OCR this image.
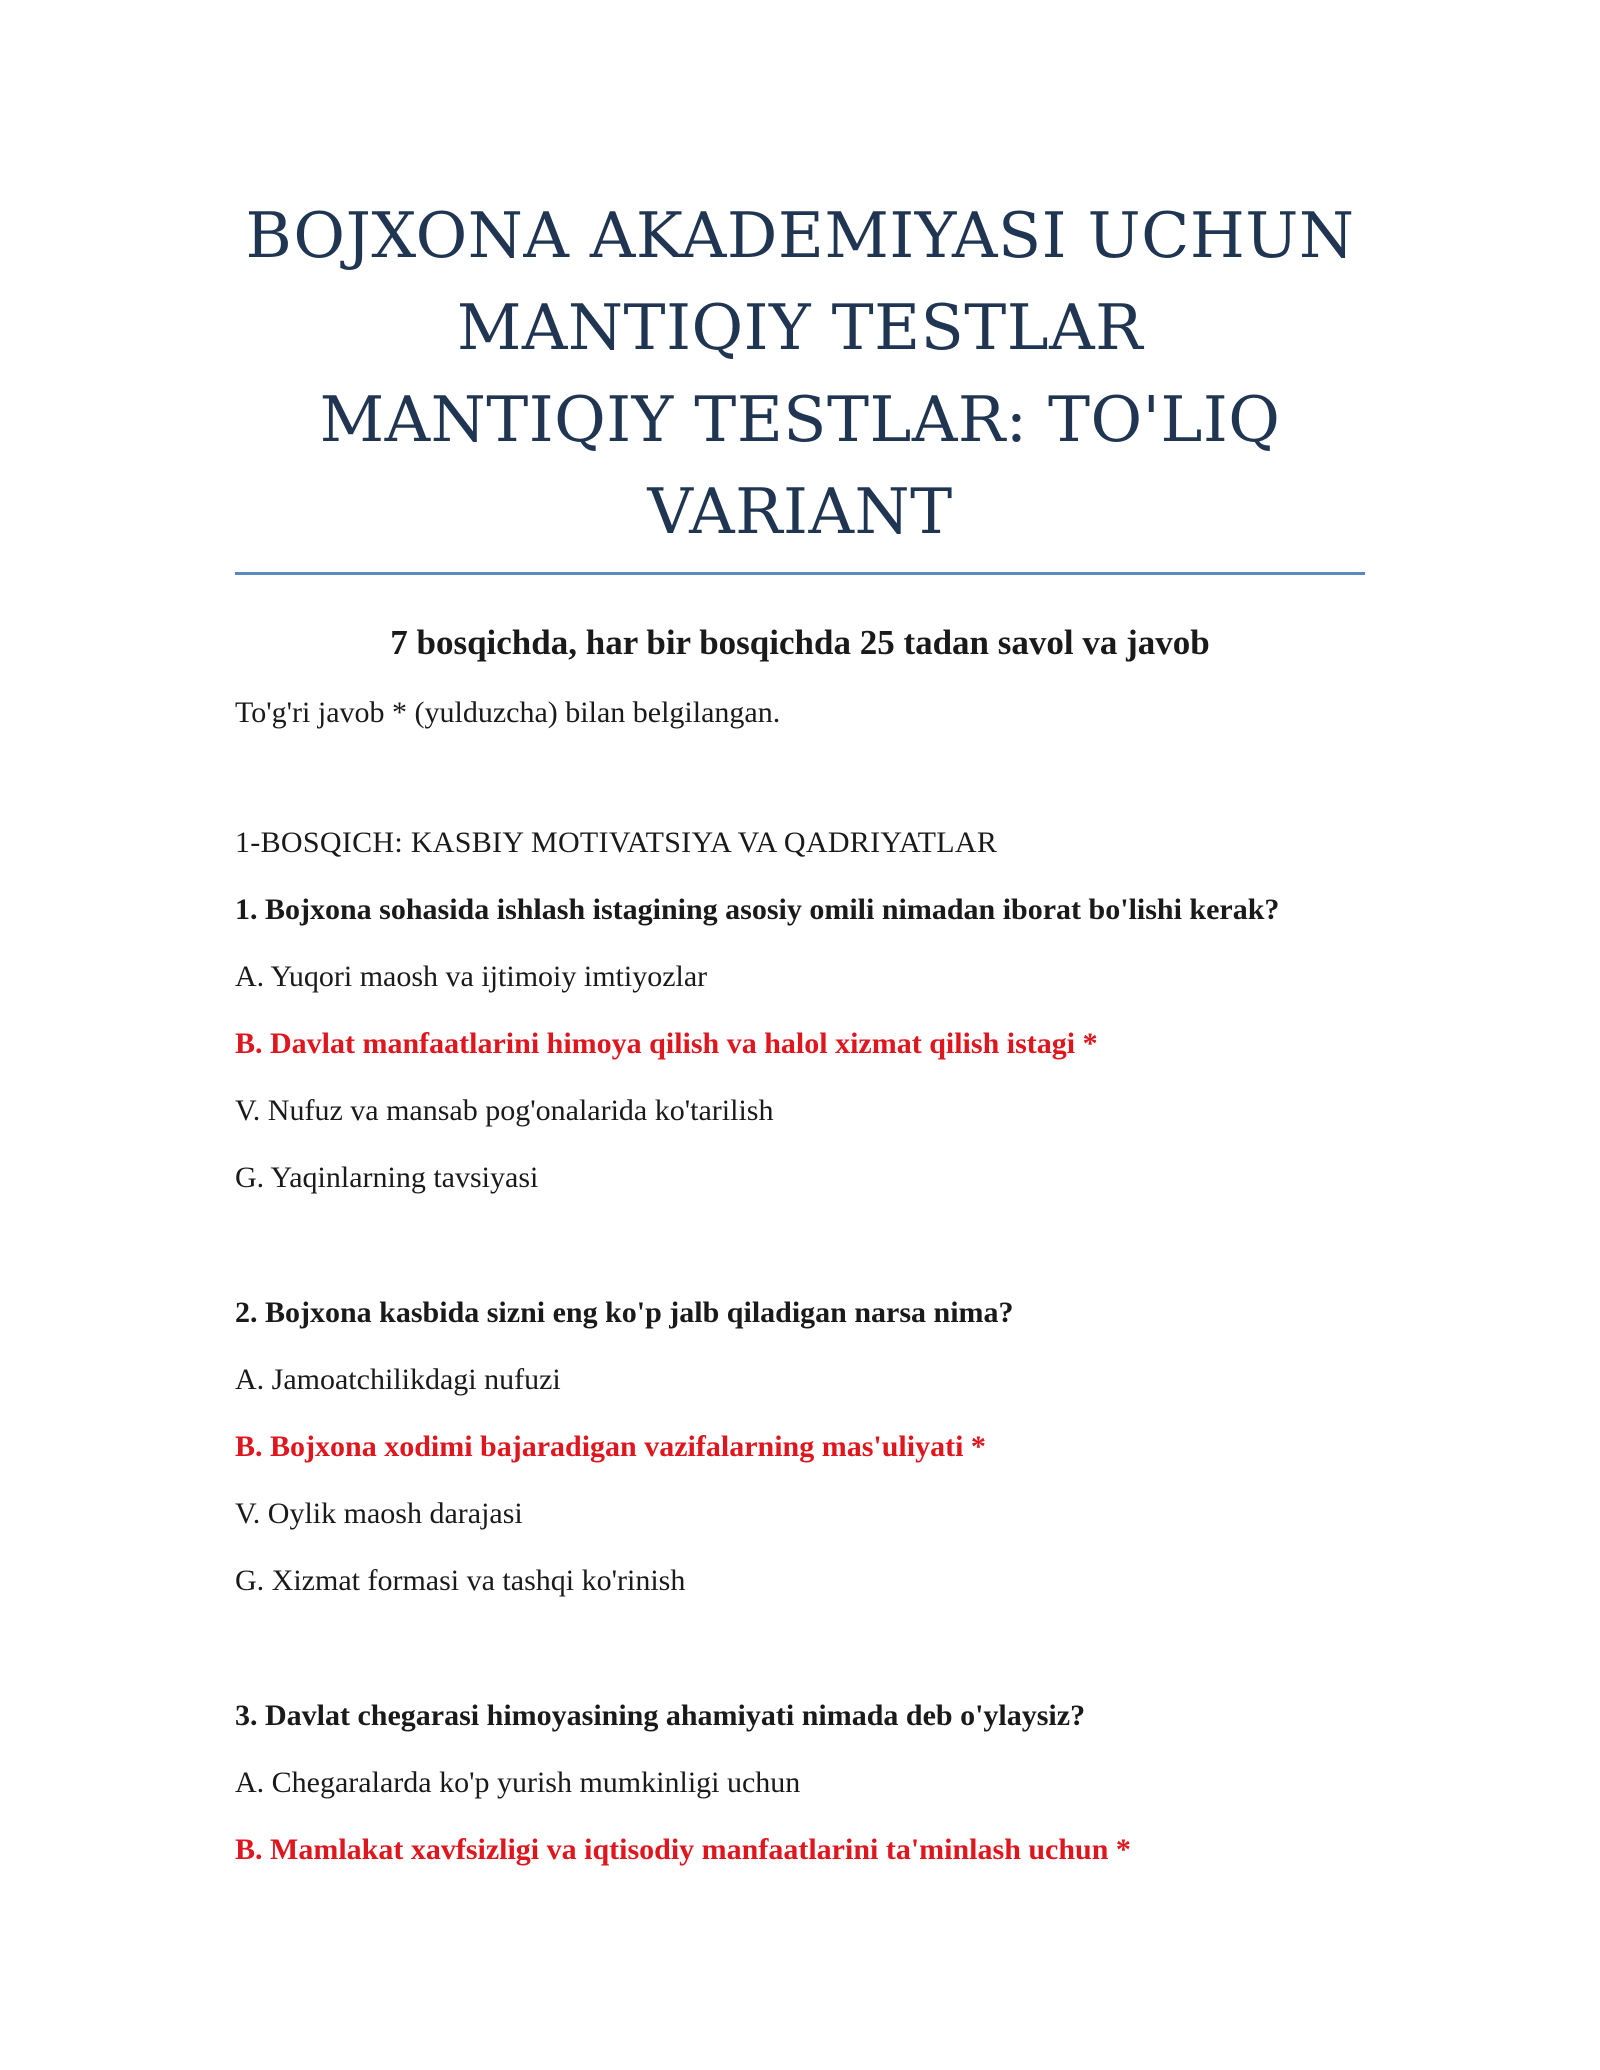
BOJXONA AKADEMIYASI UCHUN
MANTIQIY TESTLAR
MANTIQIY TESTLAR: TO'LIQ
VARIANT
7 bosqichda, har bir bosqichda 25 tadan savol va javob
To'g'ri javob * (yulduzcha) bilan belgilangan.
1-BOSQICH: KASBIY MOTIVATSIYA VA QADRIYATLAR
1. Bojxona sohasida ishlash istagining asosiy omili nimadan iborat bo'lishi kerak?
A. Yuqori maosh va ijtimoiy imtiyozlar
B. Davlat manfaatlarini himoya qilish va halol xizmat qilish istagi *
V. Nufuz va mansab pog'onalarida ko'tarilish
G. Yaqinlarning tavsiyasi
2. Bojxona kasbida sizni eng ko'p jalb qiladigan narsa nima?
A. Jamoatchilikdagi nufuzi
B. Bojxona xodimi bajaradigan vazifalarning mas'uliyati *
V. Oylik maosh darajasi
G. Xizmat formasi va tashqi ko'rinish
3. Davlat chegarasi himoyasining ahamiyati nimada deb o'ylaysiz?
A. Chegaralarda ko'p yurish mumkinligi uchun
B. Mamlakat xavfsizligi va iqtisodiy manfaatlarini ta'minlash uchun *
